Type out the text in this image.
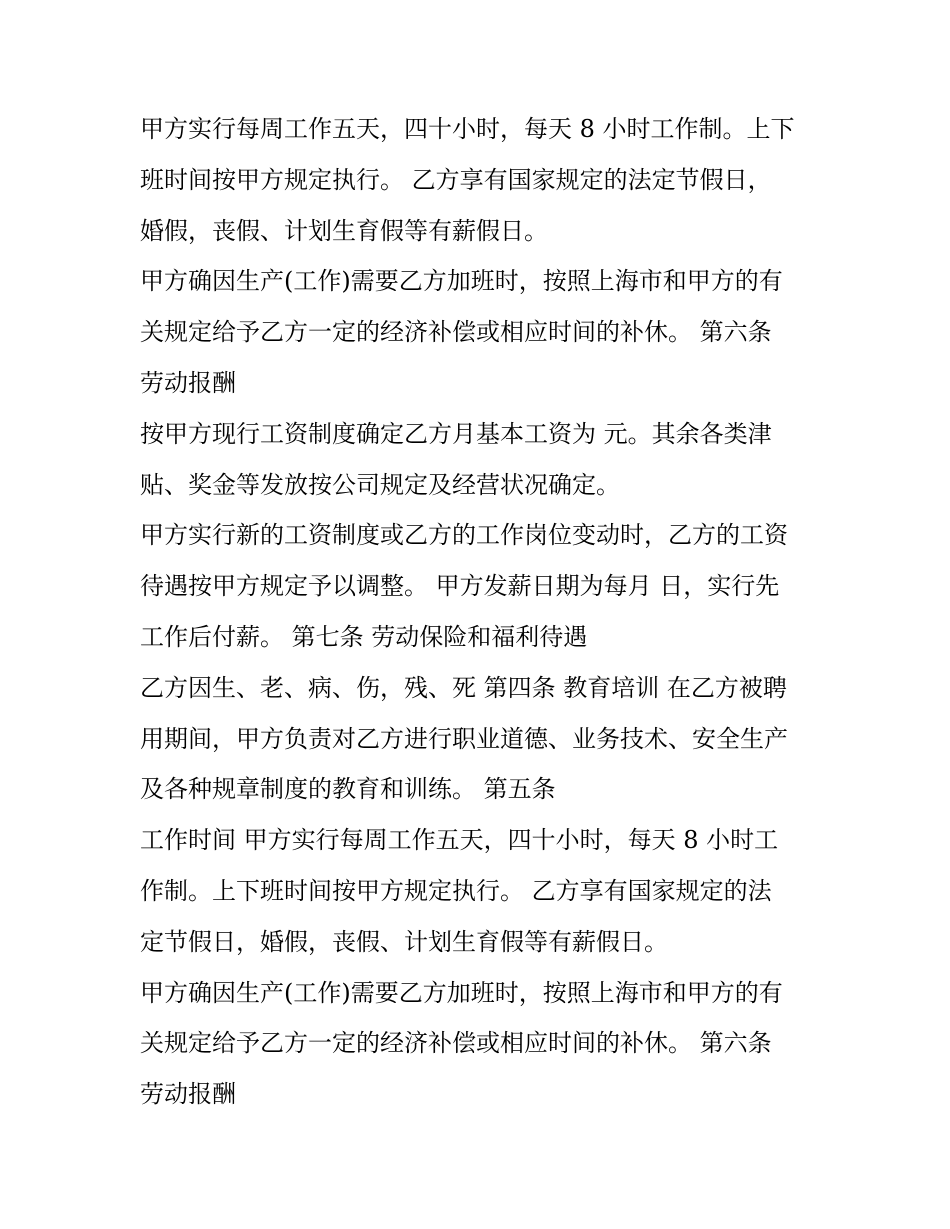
甲方实行每周工作五天，四十小时，每天 8 小时工作制。上下
班时间按甲方规定执行。 乙方享有国家规定的法定节假日，
婚假，丧假、计划生育假等有薪假日。
甲方确因生产(工作)需要乙方加班时，按照上海市和甲方的有
关规定给予乙方一定的经济补偿或相应时间的补休。 第六条
劳动报酬
按甲方现行工资制度确定乙方月基本工资为 元。其余各类津
贴、奖金等发放按公司规定及经营状况确定。
甲方实行新的工资制度或乙方的工作岗位变动时，乙方的工资
待遇按甲方规定予以调整。 甲方发薪日期为每月 日，实行先
工作后付薪。 第七条 劳动保险和福利待遇
乙方因生、老、病、伤，残、死 第四条 教育培训 在乙方被聘
用期间，甲方负责对乙方进行职业道德、业务技术、安全生产
及各种规章制度的教育和训练。 第五条
工作时间 甲方实行每周工作五天，四十小时，每天 8 小时工
作制。上下班时间按甲方规定执行。 乙方享有国家规定的法
定节假日，婚假，丧假、计划生育假等有薪假日。
甲方确因生产(工作)需要乙方加班时，按照上海市和甲方的有
关规定给予乙方一定的经济补偿或相应时间的补休。 第六条
劳动报酬
